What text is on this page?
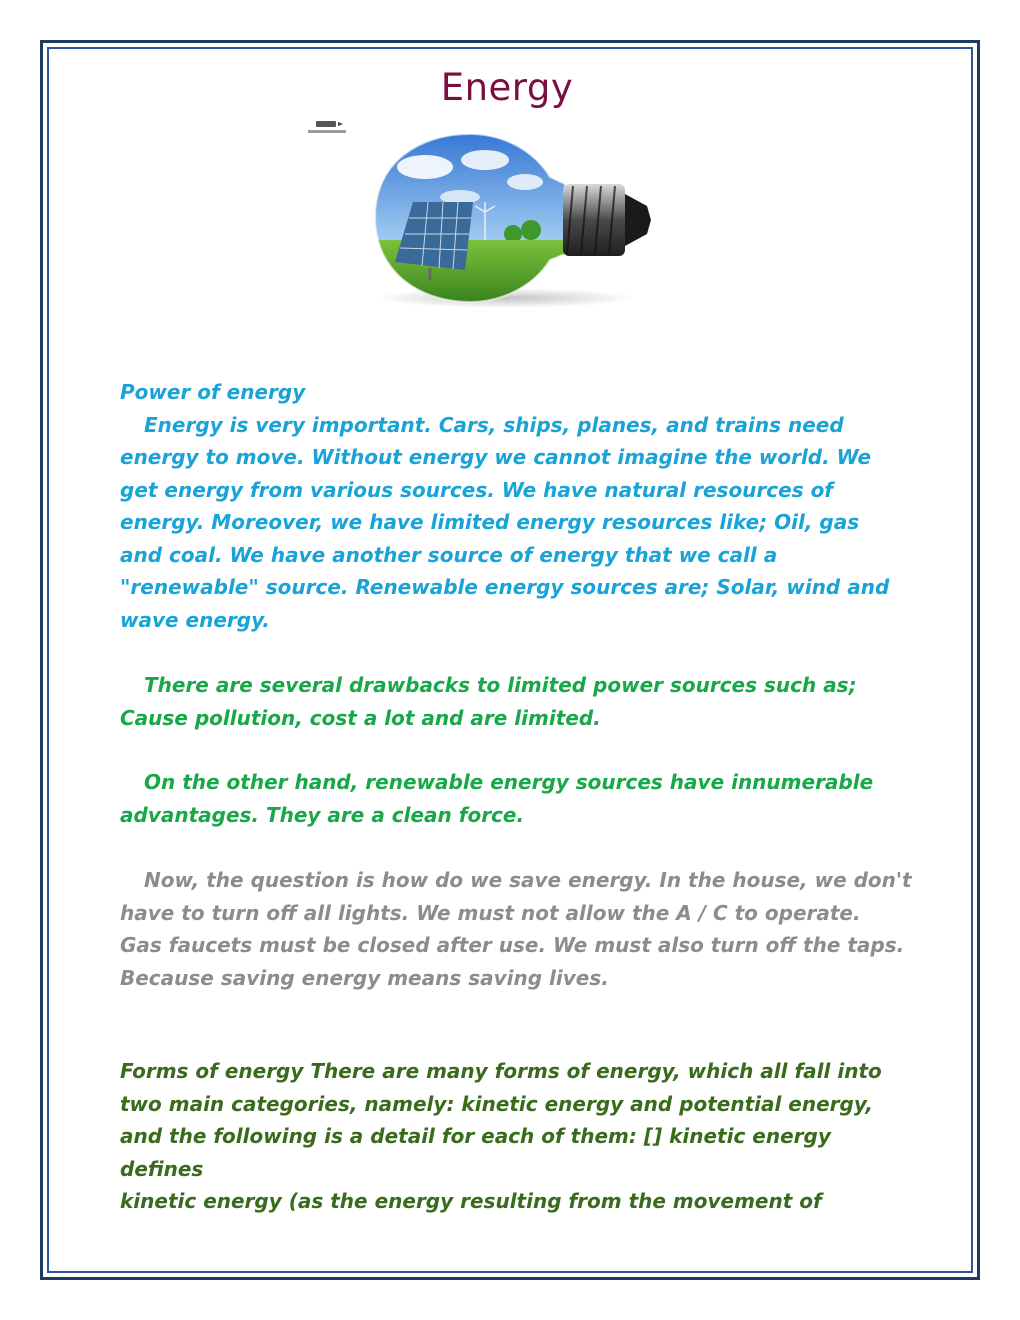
Energy

Power of energy

Energy is very important. Cars, ships, planes, and trains need

energy to move. Without energy we cannot imagine the world. We

get energy from various sources. We have natural resources of

energy. Moreover, we have limited energy resources like; Oil, gas

and coal. We have another source of energy that we call a

"renewable" source. Renewable energy sources are; Solar, wind and

wave energy.

There are several drawbacks to limited power sources such as;

Cause pollution, cost a lot and are limited.

On the other hand, renewable energy sources have innumerable

advantages. They are a clean force.

Now, the question is how do we save energy. In the house, we don't

have to turn off all lights. We must not allow the A / C to operate.

Gas faucets must be closed after use. We must also turn off the taps.

Because saving energy means saving lives.

Forms of energy There are many forms of energy, which all fall into

two main categories, namely: kinetic energy and potential energy,

and the following is a detail for each of them: [] kinetic energy defines

kinetic energy (as the energy resulting from the movement of
